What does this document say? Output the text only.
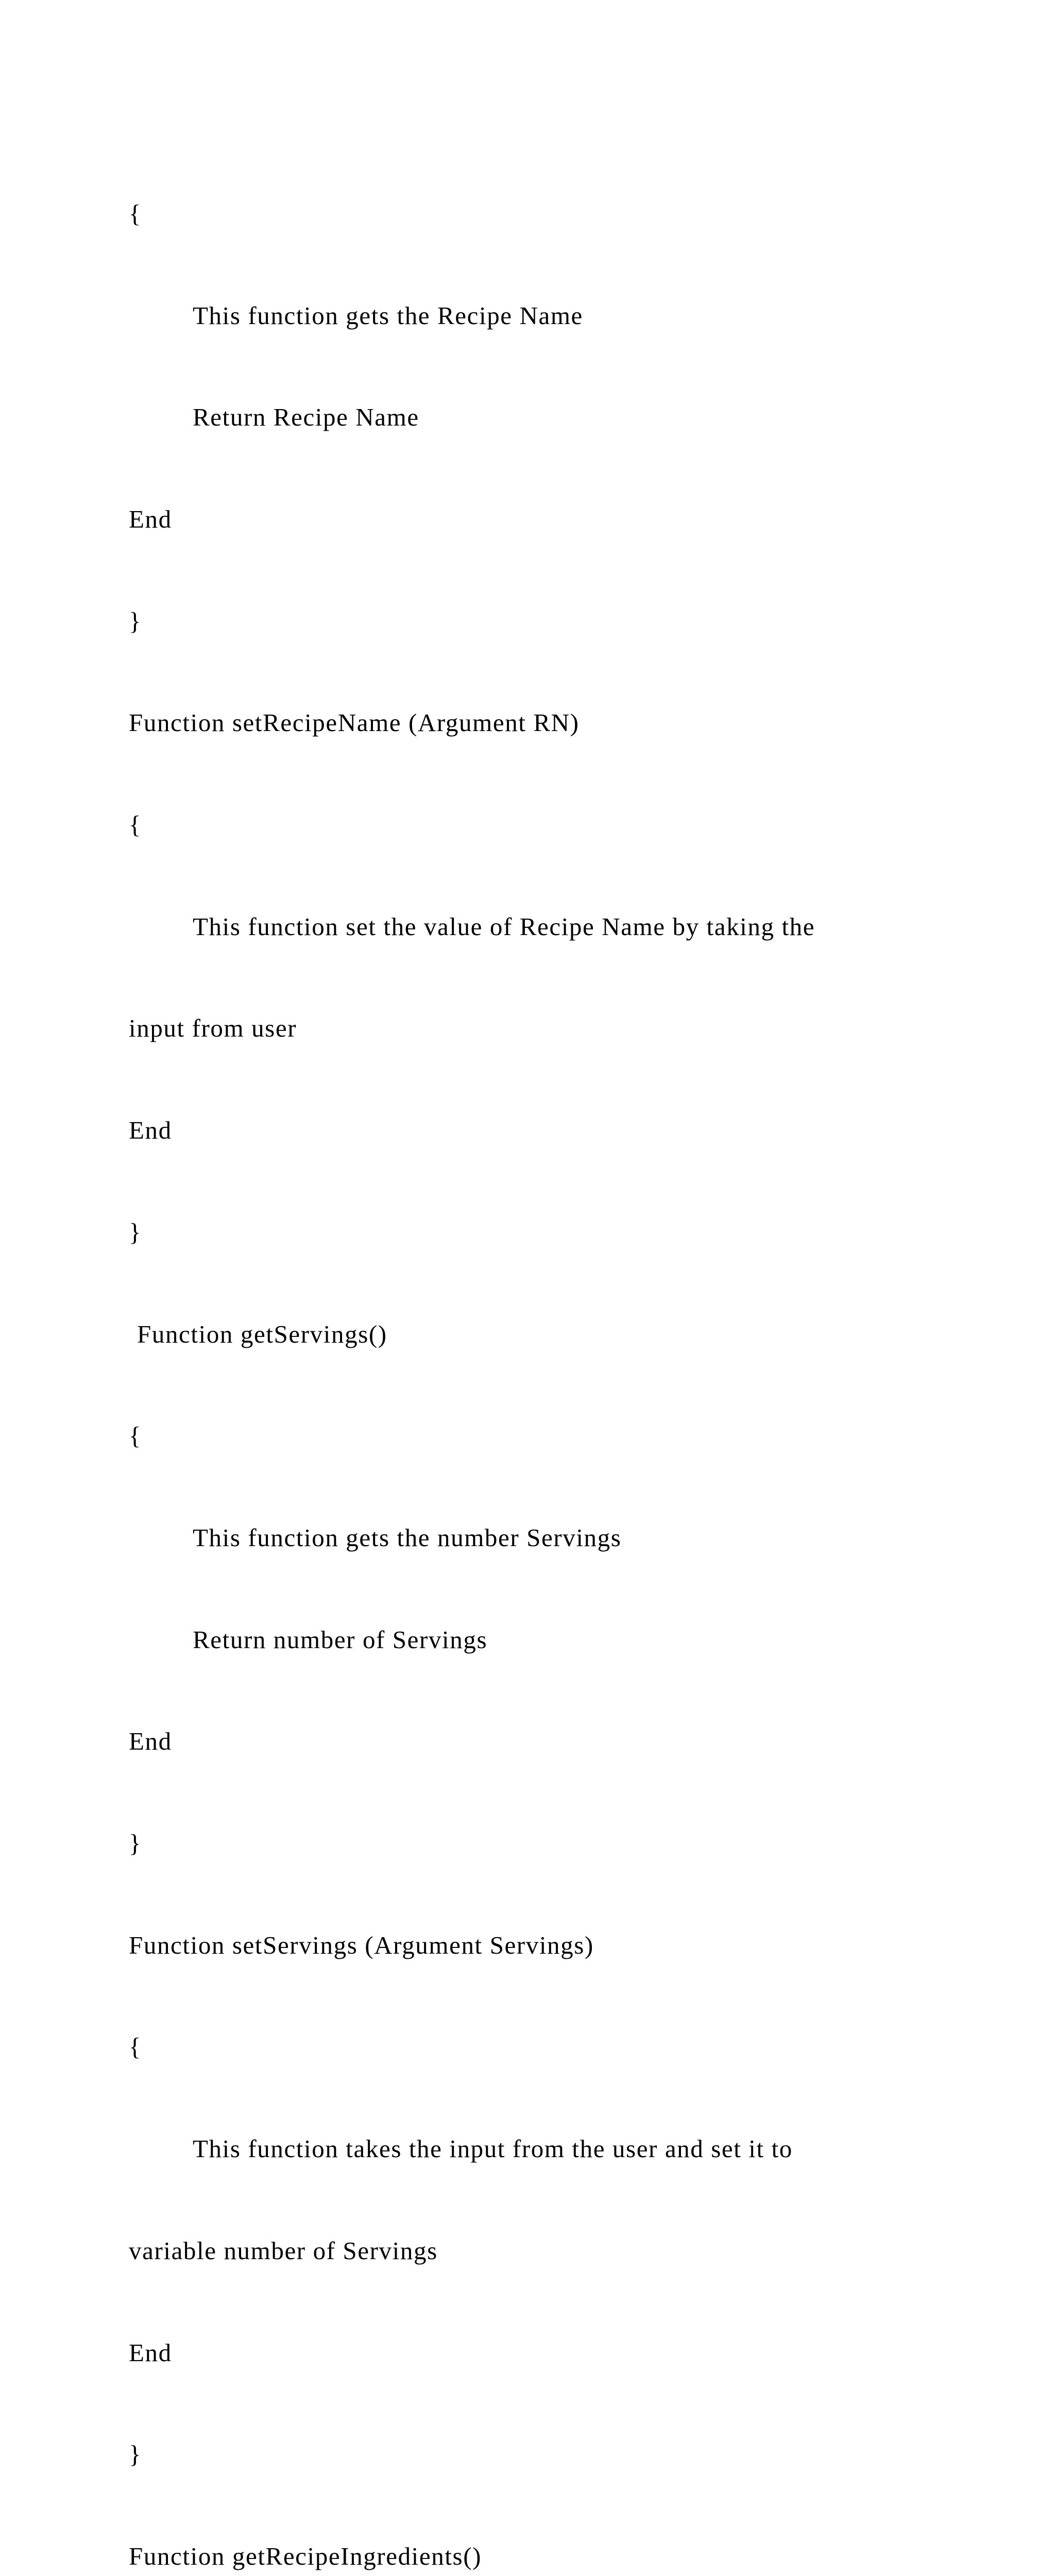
{

This function gets the Recipe Name

Return Recipe Name

End

}

Function setRecipeName (Argument RN)

{

This function set the value of Recipe Name by taking the

input from user

End

}

Function getServings()

{

This function gets the number Servings

Return number of Servings

End

}

Function setServings (Argument Servings)

{

This function takes the input from the user and set it to

variable number of Servings

End

}

Function getRecipeIngredients()
